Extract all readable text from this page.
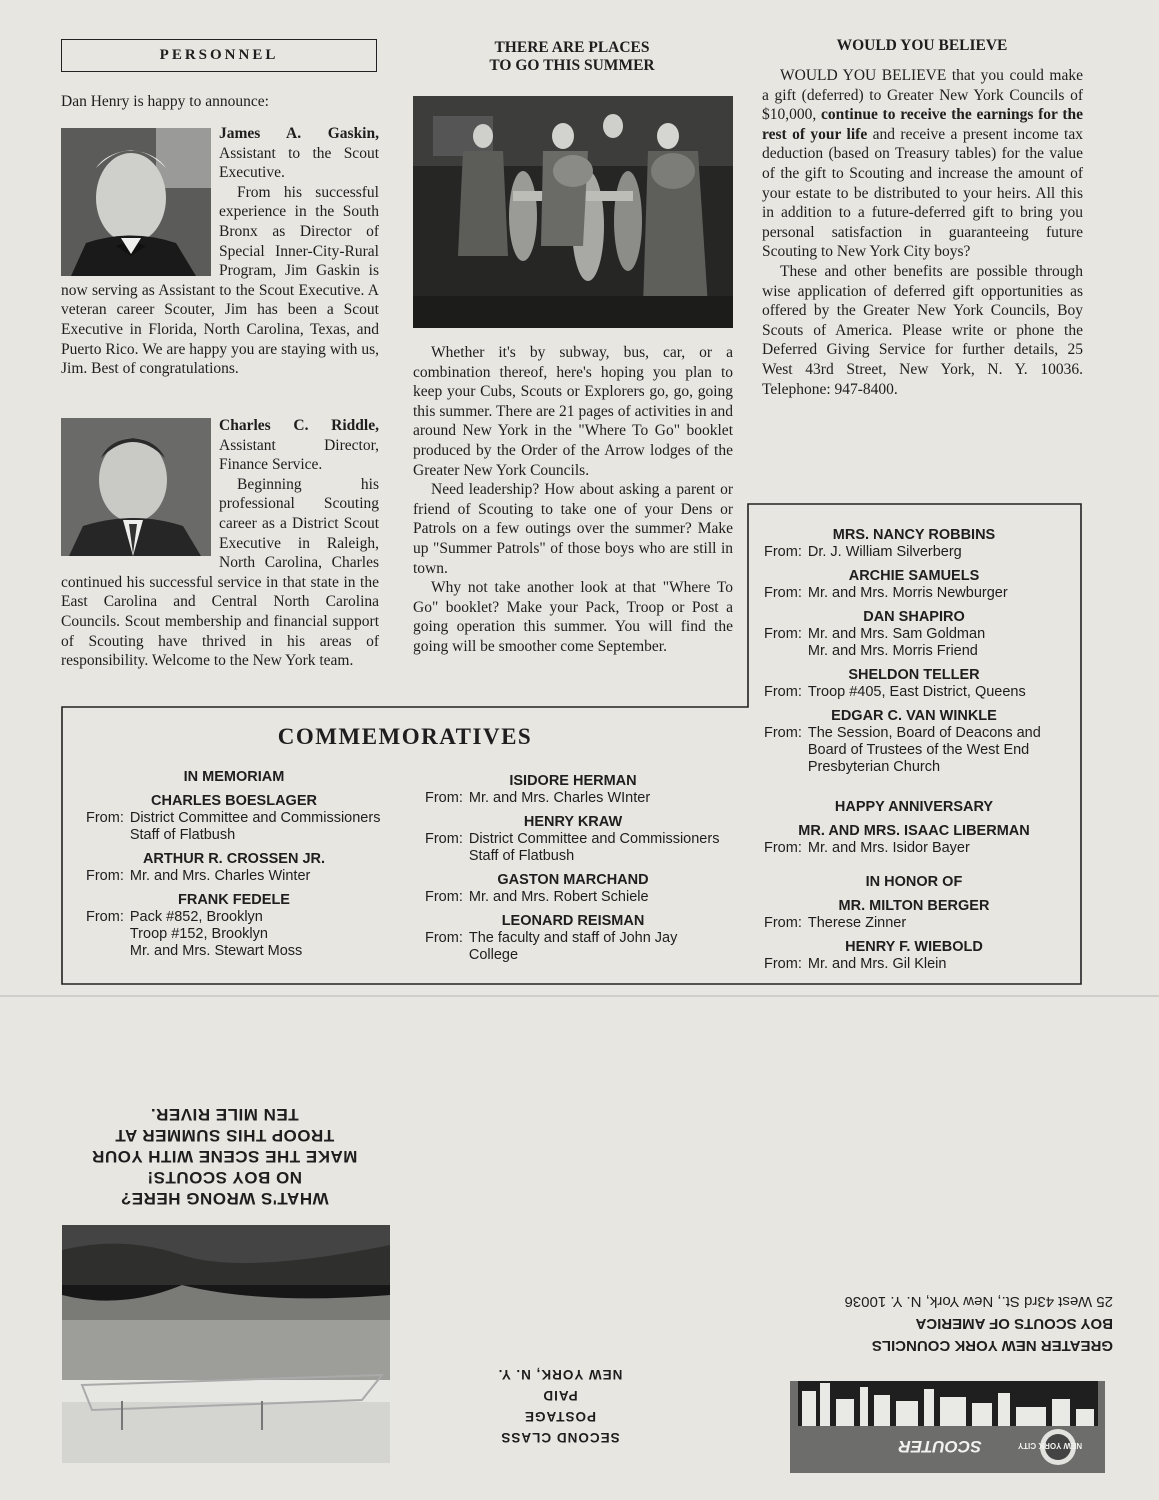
PERSONNEL

Dan Henry is happy to announce:

James A. Gaskin, Assistant to the Scout Executive.

From his successful experience in the South Bronx as Director of Special Inner-City-Rural Program, Jim Gaskin is now serving as Assistant to the Scout Executive. A veteran career Scouter, Jim has been a Scout Executive in Florida, North Carolina, Texas, and Puerto Rico. We are happy you are staying with us, Jim. Best of congratulations.

Charles C. Riddle, Assistant Director, Finance Service.

Beginning his professional Scouting career as a District Scout Executive in Raleigh, North Carolina, Charles continued his successful service in that state in the East Carolina and Central North Carolina Councils. Scout membership and financial support of Scouting have thrived in his areas of responsibility. Welcome to the New York team.

THERE ARE PLACES
TO GO THIS SUMMER

Whether it's by subway, bus, car, or a combination thereof, here's hoping you plan to keep your Cubs, Scouts or Explorers go, go, going this summer. There are 21 pages of activities in and around New York in the "Where To Go" booklet produced by the Order of the Arrow lodges of the Greater New York Councils.

Need leadership? How about asking a parent or friend of Scouting to take one of your Dens or Patrols on a few outings over the summer? Make up "Summer Patrols" of those boys who are still in town.

Why not take another look at that "Where To Go" booklet? Make your Pack, Troop or Post a going operation this summer. You will find the going will be smoother come September.

WOULD YOU BELIEVE

WOULD YOU BELIEVE that you could make a gift (deferred) to Greater New York Councils of $10,000, continue to receive the earnings for the rest of your life and receive a present income tax deduction (based on Treasury tables) for the value of the gift to Scouting and increase the amount of your estate to be distributed to your heirs. All this in addition to a future-deferred gift to bring you personal satisfaction in guaranteeing future Scouting to New York City boys?

These and other benefits are possible through wise application of deferred gift opportunities as offered by the Greater New York Councils, Boy Scouts of America. Please write or phone the Deferred Giving Service for further details, 25 West 43rd Street, New York, N. Y. 10036. Telephone: 947-8400.

COMMEMORATIVES
IN MEMORIAM
CHARLES BOESLAGER
From: District Committee and Commissioners Staff of Flatbush
ARTHUR R. CROSSEN JR.
From: Mr. and Mrs. Charles Winter
FRANK FEDELE
From: Pack #852, Brooklyn
Troop #152, Brooklyn
Mr. and Mrs. Stewart Moss
ISIDORE HERMAN
From: Mr. and Mrs. Charles WInter
HENRY KRAW
From: District Committee and Commissioners Staff of Flatbush
GASTON MARCHAND
From: Mr. and Mrs. Robert Schiele
LEONARD REISMAN
From: The faculty and staff of John Jay College
MRS. NANCY ROBBINS
From: Dr. J. William Silverberg
ARCHIE SAMUELS
From: Mr. and Mrs. Morris Newburger
DAN SHAPIRO
From: Mr. and Mrs. Sam Goldman
Mr. and Mrs. Morris Friend
SHELDON TELLER
From: Troop #405, East District, Queens
EDGAR C. VAN WINKLE
From: The Session, Board of Deacons and Board of Trustees of the West End Presbyterian Church
HAPPY ANNIVERSARY
MR. AND MRS. ISAAC LIBERMAN
From: Mr. and Mrs. Isidor Bayer
IN HONOR OF
MR. MILTON BERGER
From: Therese Zinner
HENRY F. WIEBOLD
From: Mr. and Mrs. Gil Klein
WHAT'S WRONG HERE?
NO BOY SCOUTS!
MAKE THE SCENE WITH YOUR
TROOP THIS SUMMER AT
TEN MILE RIVER.
SECOND CLASS
POSTAGE
PAID
NEW YORK, N. Y.
GREATER NEW YORK COUNCILS
BOY SCOUTS OF AMERICA
25 West 43rd St., New York, N. Y. 10036
SCOUTER	NEW YORK CITY
